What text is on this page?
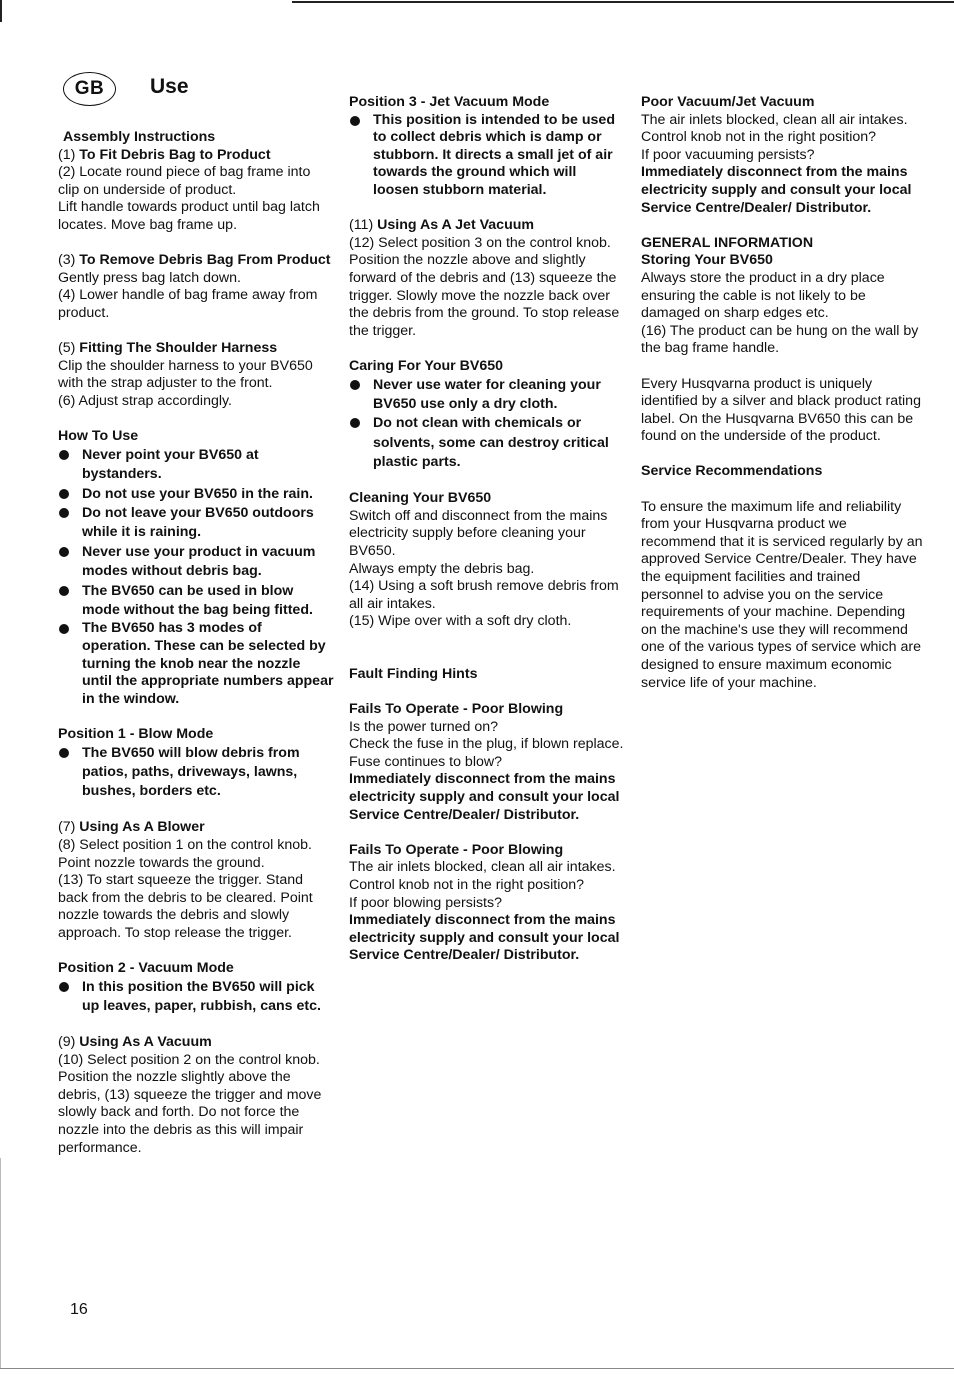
GB	Use
Assembly Instructions
(1) To Fit Debris Bag to Product

(2) Locate round piece of bag frame into clip on underside of product.

Lift handle towards product until bag latch locates. Move bag frame up.

(3) To Remove Debris Bag From Product

Gently press bag latch down.

(4) Lower handle of bag frame away from product.

(5) Fitting The Shoulder Harness

Clip the shoulder harness to your BV650 with the strap adjuster to the front.

(6) Adjust strap accordingly.

How To Use
Never point your BV650 at bystanders.
Do not use your BV650 in the rain.
Do not leave your BV650 outdoors while it is raining.
Never use your product in vacuum modes without debris bag.
The BV650 can be used in blow mode without the bag being fitted.
The BV650 has 3 modes of operation. These can be selected by turning the knob near the nozzle until the appropriate numbers appear in the window.
Position 1 - Blow Mode
The BV650 will blow debris from patios, paths, driveways, lawns, bushes, borders etc.
(7) Using As A Blower

(8) Select position 1 on the control knob. Point nozzle towards the ground.

(13) To start squeeze the trigger. Stand back from the debris to be cleared. Point nozzle towards the debris and slowly approach. To stop release the trigger.

Position 2 - Vacuum Mode
In this position the BV650 will pick up leaves, paper, rubbish, cans etc.
(9) Using As A Vacuum

(10) Select position 2 on the control knob. Position the nozzle slightly above the debris, (13) squeeze the trigger and move slowly back and forth. Do not force the nozzle into the debris as this will impair performance.

Position 3 - Jet Vacuum Mode
This position is intended to be used to collect debris which is damp or stubborn. It directs a small jet of air towards the ground which will loosen stubborn material.
(11) Using As A Jet Vacuum

(12) Select position 3 on the control knob. Position the nozzle above and slightly forward of the debris and (13) squeeze the trigger. Slowly move the nozzle back over the debris from the ground. To stop release the trigger.

Caring For Your BV650
Never use water for cleaning your BV650 use only a dry cloth.
Do not clean with chemicals or solvents, some can destroy critical plastic parts.
Cleaning Your BV650

Switch off and disconnect from the mains electricity supply before cleaning your BV650.

Always empty the debris bag.

(14) Using a soft brush remove debris from all air intakes.

(15) Wipe over with a soft dry cloth.

Fault Finding Hints
Fails To Operate - Poor Blowing

Is the power turned on?

Check the fuse in the plug, if blown replace.

Fuse continues to blow?

Immediately disconnect from the mains electricity supply and consult your local Service Centre/Dealer/ Distributor.

Fails To Operate - Poor Blowing

The air inlets blocked, clean all air intakes.

Control knob not in the right position?

If poor blowing persists?

Immediately disconnect from the mains electricity supply and consult your local Service Centre/Dealer/ Distributor.

Poor Vacuum/Jet Vacuum

The air inlets blocked, clean all air intakes.

Control knob not in the right position?

If poor vacuuming persists?

Immediately disconnect from the mains electricity supply and consult your local Service Centre/Dealer/ Distributor.

GENERAL INFORMATION
Storing Your BV650

Always store the product in a dry place ensuring the cable is not likely to be damaged on sharp edges etc.

(16) The product can be hung on the wall by the bag frame handle.

Every Husqvarna product is uniquely identified by a silver and black product rating label. On the Husqvarna BV650 this can be found on the underside of the product.

Service Recommendations

To ensure the maximum life and reliability from your Husqvarna product we recommend that it is serviced regularly by an approved Service Centre/Dealer. They have the equipment facilities and trained personnel to advise you on the service requirements of your machine. Depending on the machine's use they will recommend one of the various types of service which are designed to ensure maximum economic service life of your machine.

16
